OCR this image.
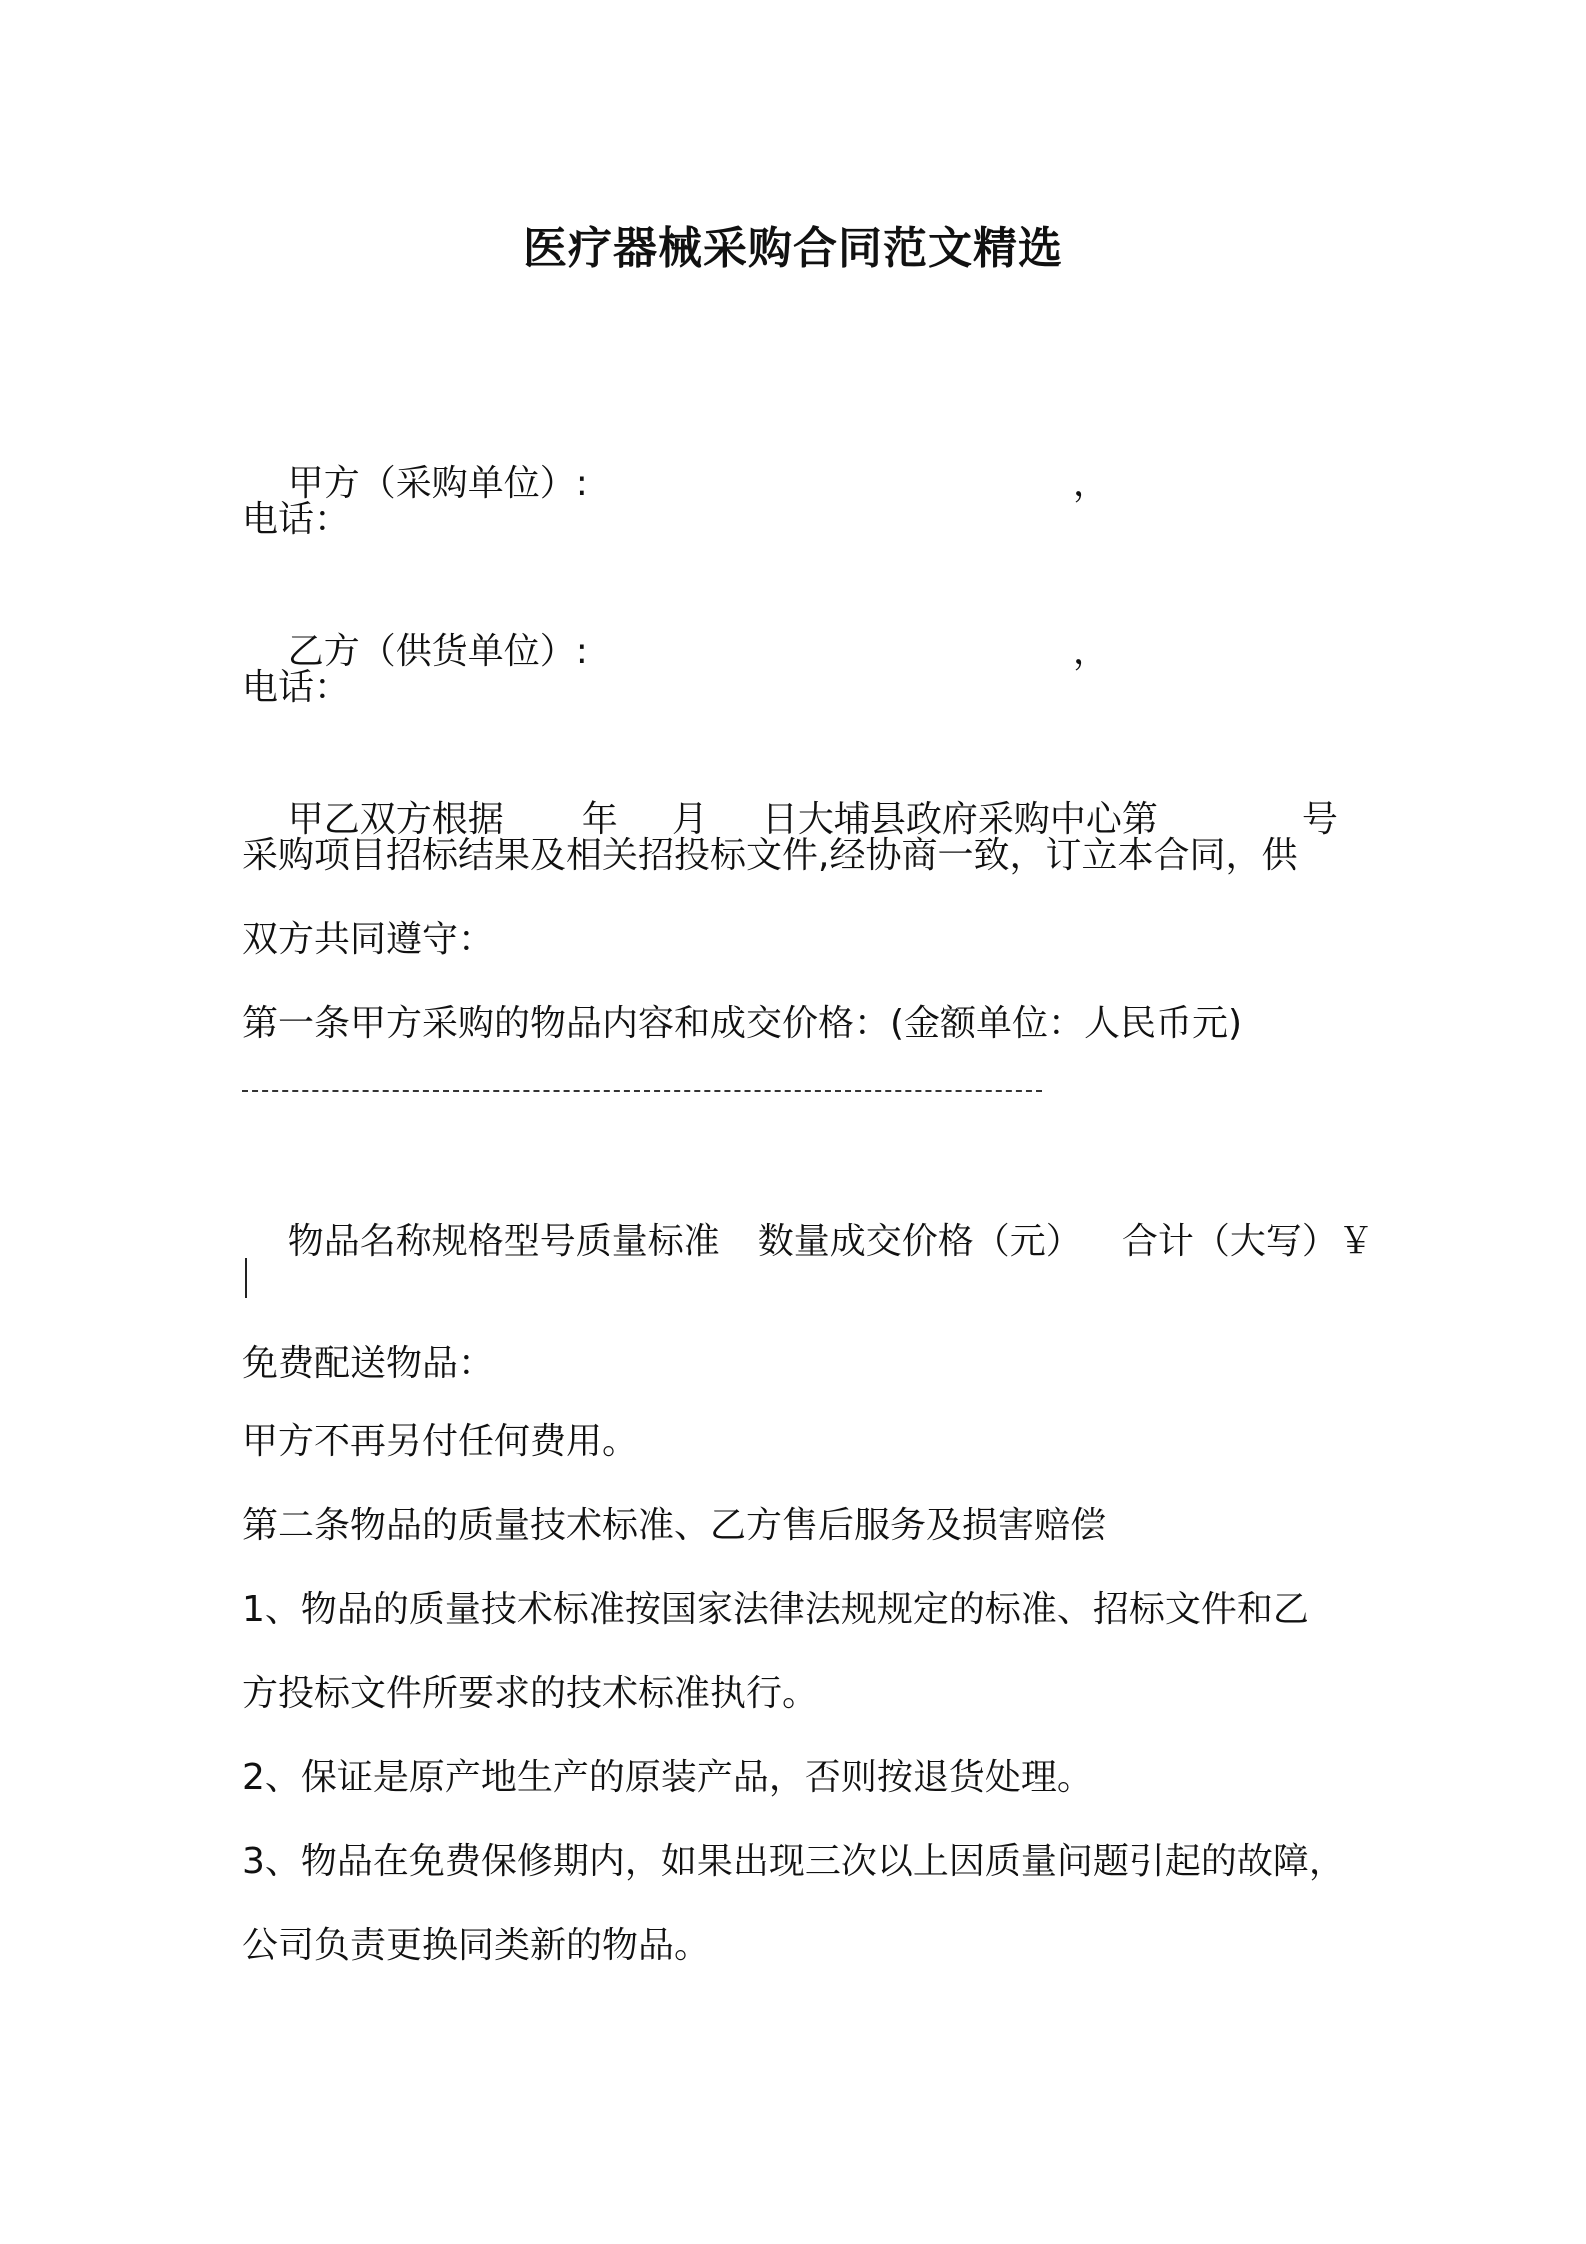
医疗器械采购合同范文精选

甲方（采购单位）:	，

电话：

乙方（供货单位）:	，

电话：

甲乙双方根据 年 月 日大埔县政府采购中心第	号

采购项目招标结果及相关招投标文件,经协商一致，订立本合同，供
双方共同遵守：
第一条甲方采购的物品内容和成交价格：(金额单位：人民币元)

物品名称规格型号质量标准 数量成交价格（元） 合计（大写）￥

免费配送物品：
甲方不再另付任何费用。
第二条物品的质量技术标准、乙方售后服务及损害赔偿
1、物品的质量技术标准按国家法律法规规定的标准、招标文件和乙
方投标文件所要求的技术标准执行。
2、保证是原产地生产的原装产品，否则按退货处理。
3、物品在免费保修期内，如果出现三次以上因质量问题引起的故障，
公司负责更换同类新的物品。
